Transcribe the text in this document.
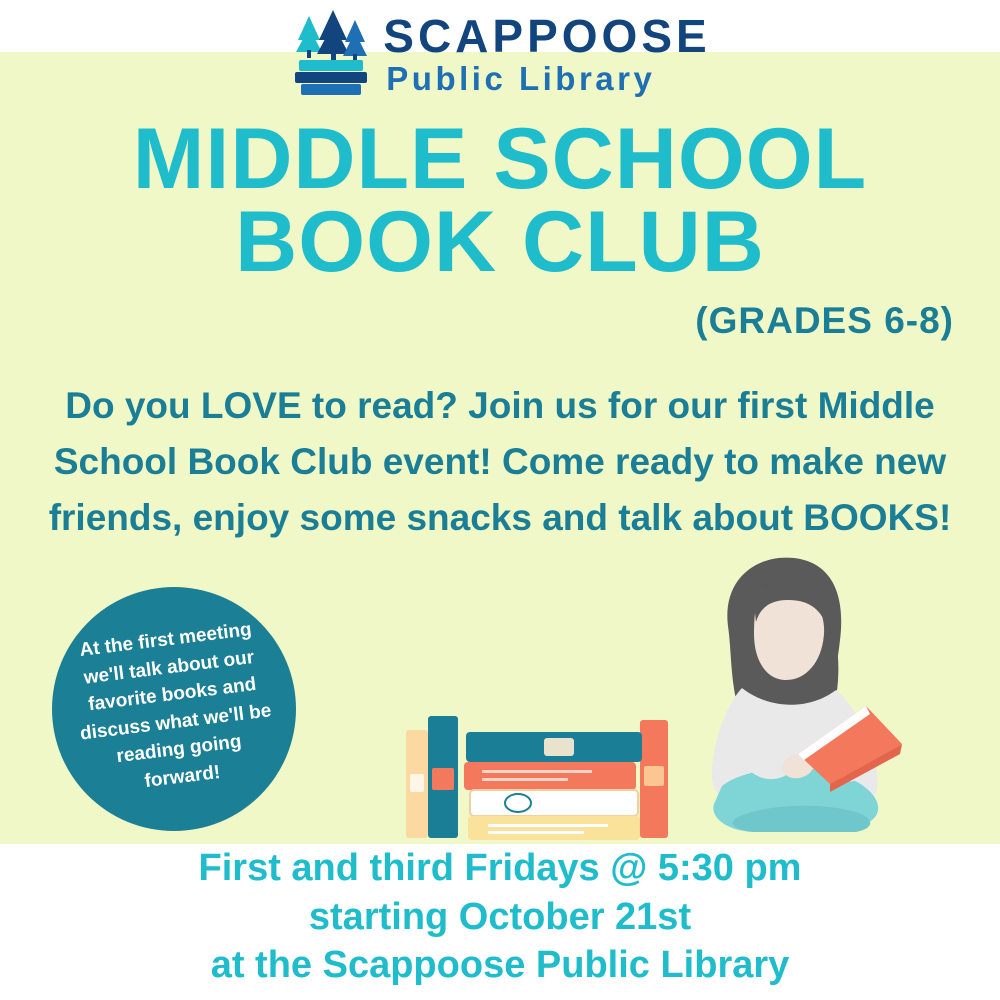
SCAPPOOSE
Public Library
MIDDLE SCHOOL
BOOK CLUB
(GRADES 6-8)
Do you LOVE to read? Join us for our first Middle School Book Club event! Come ready to make new friends, enjoy some snacks and talk about BOOKS!
At the first meeting we'll talk about our favorite books and discuss what we'll be reading going forward!
First and third Fridays @ 5:30 pm
starting October 21st
at the Scappoose Public Library
